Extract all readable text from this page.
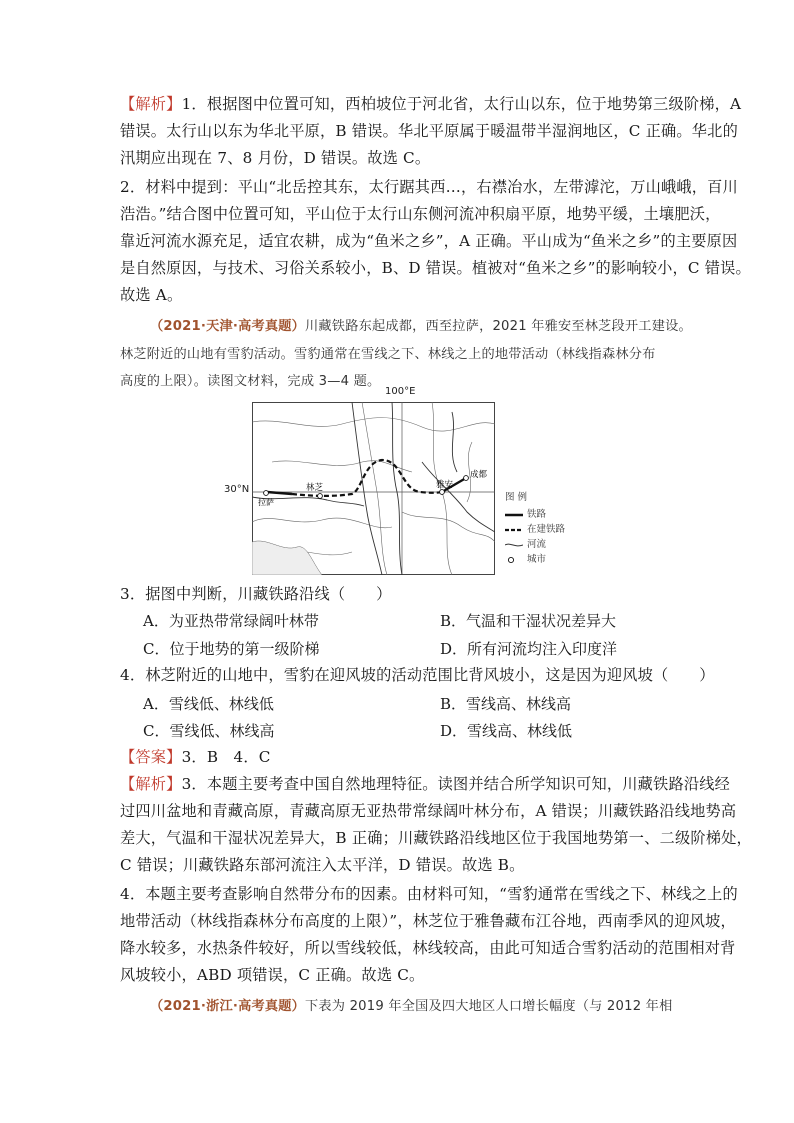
【解析】1．根据图中位置可知，西柏坡位于河北省，太行山以东，位于地势第三级阶梯，A
错误。太行山以东为华北平原，B 错误。华北平原属于暖温带半湿润地区，C 正确。华北的
汛期应出现在 7、8 月份，D 错误。故选 C。
2．材料中提到：平山“北岳控其东，太行踞其西…，右襟冶水，左带滹沱，万山峨峨，百川
浩浩。”结合图中位置可知，平山位于太行山东侧河流冲积扇平原，地势平缓，土壤肥沃，
靠近河流水源充足，适宜农耕，成为“鱼米之乡”，A 正确。平山成为“鱼米之乡”的主要原因
是自然原因，与技术、习俗关系较小，B、D 错误。植被对“鱼米之乡”的影响较小，C 错误。
故选 A。
（2021·天津·高考真题）川藏铁路东起成都，西至拉萨，2021 年雅安至林芝段开工建设。
林芝附近的山地有雪豹活动。雪豹通常在雪线之下、林线之上的地带活动（林线指森林分布
高度的上限）。读图文材料，完成 3—4 题。
拉萨
林芝	雅安
成都
100°E
30°N
图 例
铁路
在建铁路
河流
城市
3．据图中判断，川藏铁路沿线（　　）
A．为亚热带常绿阔叶林带	B．气温和干湿状况差异大
C．位于地势的第一级阶梯	D．所有河流均注入印度洋
4．林芝附近的山地中，雪豹在迎风坡的活动范围比背风坡小，这是因为迎风坡（　　）
A．雪线低、林线低	B．雪线高、林线高
C．雪线低、林线高	D．雪线高、林线低
【答案】3．B　4．C
【解析】3．本题主要考查中国自然地理特征。读图并结合所学知识可知，川藏铁路沿线经
过四川盆地和青藏高原，青藏高原无亚热带常绿阔叶林分布，A 错误；川藏铁路沿线地势高
差大，气温和干湿状况差异大，B 正确；川藏铁路沿线地区位于我国地势第一、二级阶梯处，
C 错误；川藏铁路东部河流注入太平洋，D 错误。故选 B。
4．本题主要考查影响自然带分布的因素。由材料可知，“雪豹通常在雪线之下、林线之上的
地带活动（林线指森林分布高度的上限）”，林芝位于雅鲁藏布江谷地，西南季风的迎风坡，
降水较多，水热条件较好，所以雪线较低，林线较高，由此可知适合雪豹活动的范围相对背
风坡较小，ABD 项错误，C 正确。故选 C。
（2021·浙江·高考真题）下表为 2019 年全国及四大地区人口增长幅度（与 2012 年相
